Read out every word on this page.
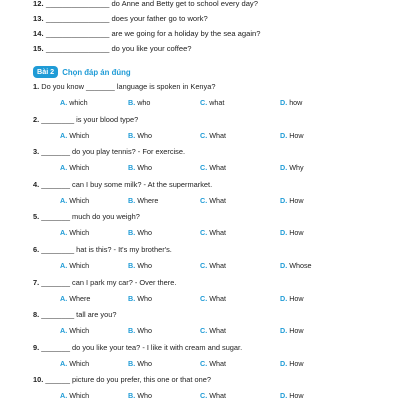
12. _______________ do Anne and Betty get to school every day?
13. _______________ does your father go to work?
14. _______________ are we going for a holiday by the sea again?
15. _______________ do you like your coffee?
Bài 2	Chọn đáp án đúng
1. Do you know _______ language is spoken in Kenya?
A. which	B. who	C. what	D. how
2. ________ is your blood type?
A. Which	B. Who	C. What	D. How
3. _______ do you play tennis? - For exercise.
A. Which	B. Who	C. What	D. Why
4. _______ can I buy some milk? - At the supermarket.
A. Which	B. Where	C. What	D. How
5. _______ much do you weigh?
A. Which	B. Who	C. What	D. How
6. ________ hat is this? - It's my brother's.
A. Which	B. Who	C. What	D. Whose
7. _______ can I park my car? - Over there.
A. Where	B. Who	C. What	D. How
8. ________ tall are you?
A. Which	B. Who	C. What	D. How
9. _______ do you like your tea? - I like it with cream and sugar.
A. Which	B. Who	C. What	D. How
10. ______ picture do you prefer, this one or that one?
A. Which	B. Who	C. What	D. How
